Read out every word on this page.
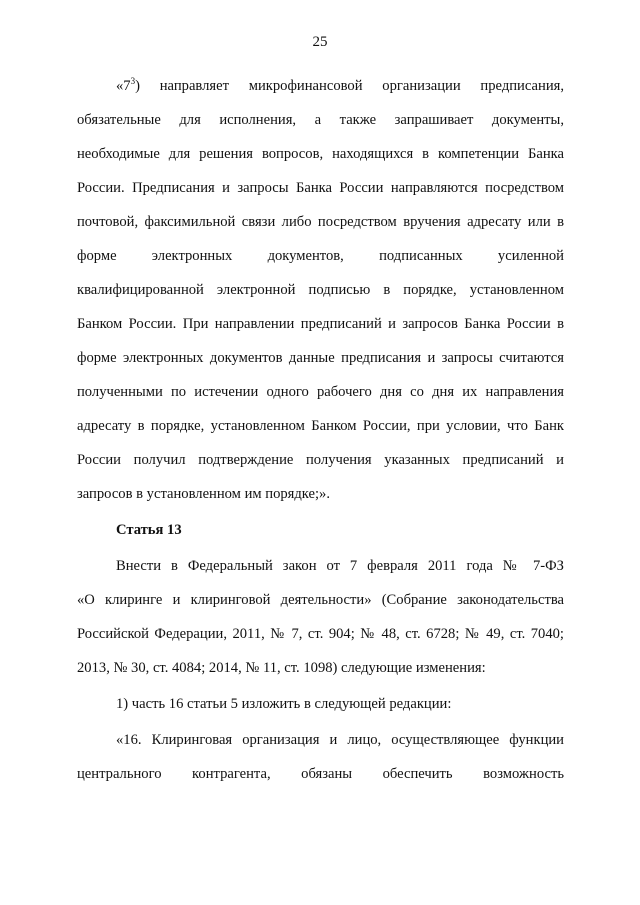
25
«$7^3$) направляет микрофинансовой организации предписания,
обязательные для исполнения, а также запрашивает документы,
необходимые для решения вопросов, находящихся в компетенции Банка
России. Предписания и запросы Банка России направляются посредством
почтовой, факсимильной связи либо посредством вручения адресату или в
форме электронных документов, подписанных усиленной
квалифицированной электронной подписью в порядке, установленном
Банком России. При направлении предписаний и запросов Банка России в
форме электронных документов данные предписания и запросы считаются
полученными по истечении одного рабочего дня со дня их направления
адресату в порядке, установленном Банком России, при условии, что Банк
России получил подтверждение получения указанных предписаний и
запросов в установленном им порядке;».
Статья 13
Внести в Федеральный закон от 7 февраля 2011 года № 7-ФЗ
«О клиринге и клиринговой деятельности» (Собрание законодательства
Российской Федерации, 2011, № 7, ст. 904; № 48, ст. 6728; № 49, ст. 7040;
2013, № 30, ст. 4084; 2014, № 11, ст. 1098) следующие изменения:
1) часть 16 статьи 5 изложить в следующей редакции:
«16. Клиринговая организация и лицо, осуществляющее функции
центрального контрагента, обязаны обеспечить возможность
